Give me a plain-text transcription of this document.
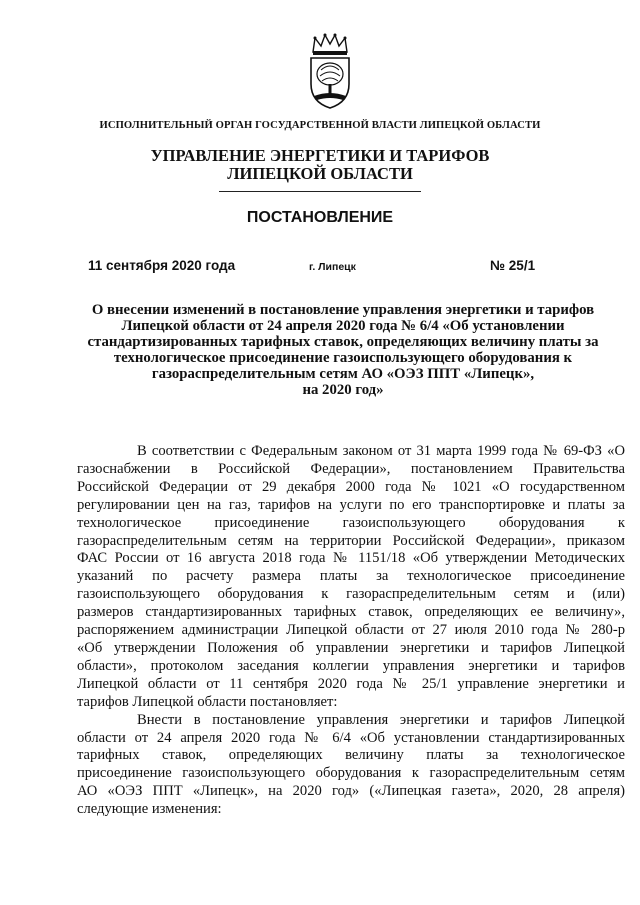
ИСПОЛНИТЕЛЬНЫЙ ОРГАН ГОСУДАРСТВЕННОЙ ВЛАСТИ ЛИПЕЦКОЙ ОБЛАСТИ
УПРАВЛЕНИЕ ЭНЕРГЕТИКИ И ТАРИФОВ
ЛИПЕЦКОЙ ОБЛАСТИ
ПОСТАНОВЛЕНИЕ
11 сентября 2020 года	г. Липецк	№ 25/1
О внесении изменений в постановление управления энергетики и тарифов
Липецкой области от 24 апреля 2020 года № 6/4 «Об установлении
стандартизированных тарифных ставок, определяющих величину платы за
технологическое присоединение газоиспользующего оборудования к
газораспределительным сетям АО «ОЭЗ ППТ «Липецк»,
на 2020 год»

В соответствии с Федеральным законом от 31 марта 1999 года № 69-ФЗ «О
газоснабжении в Российской Федерации», постановлением Правительства
Российской Федерации от 29 декабря 2000 года № 1021 «О государственном
регулировании цен на газ, тарифов на услуги по его транспортировке и платы за
технологическое присоединение газоиспользующего оборудования к
газораспределительным сетям на территории Российской Федерации», приказом
ФАС России от 16 августа 2018 года № 1151/18 «Об утверждении Методических
указаний по расчету размера платы за технологическое присоединение
газоиспользующего оборудования к газораспределительным сетям и (или)
размеров стандартизированных тарифных ставок, определяющих ее величину»,
распоряжением администрации Липецкой области от 27 июля 2010 года № 280-р
«Об утверждении Положения об управлении энергетики и тарифов Липецкой
области», протоколом заседания коллегии управления энергетики и тарифов
Липецкой области от 11 сентября 2020 года № 25/1 управление энергетики и
тарифов Липецкой области постановляет:

Внести в постановление управления энергетики и тарифов Липецкой
области от 24 апреля 2020 года № 6/4 «Об установлении стандартизированных
тарифных ставок, определяющих величину платы за технологическое
присоединение газоиспользующего оборудования к газораспределительным сетям
АО «ОЭЗ ППТ «Липецк», на 2020 год» («Липецкая газета», 2020, 28 апреля)
следующие изменения:
